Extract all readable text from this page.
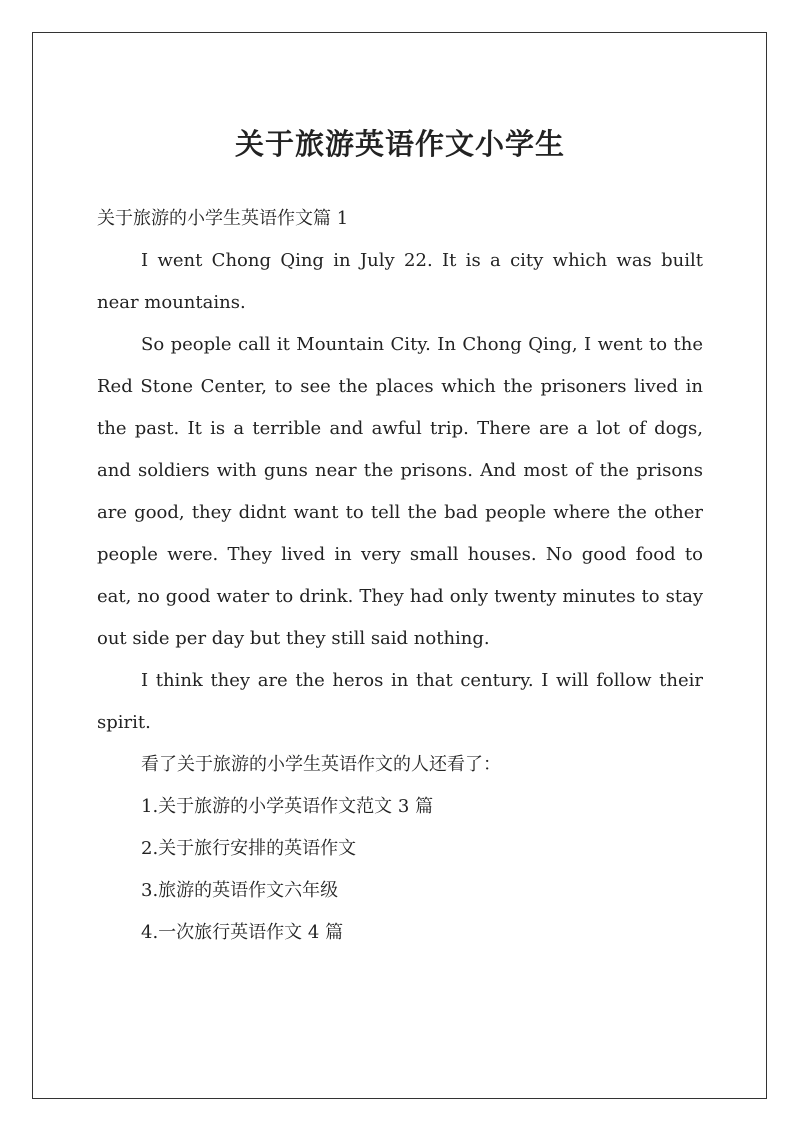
关于旅游英语作文小学生

关于旅游的小学生英语作文篇 1

I went Chong Qing in July 22. It is a city which was built near mountains.

So people call it Mountain City. In Chong Qing, I went to the Red Stone Center, to see the places which the prisoners lived in the past. It is a terrible and awful trip. There are a lot of dogs, and soldiers with guns near the prisons. And most of the prisons are good, they didnt want to tell the bad people where the other people were. They lived in very small houses. No good food to eat, no good water to drink. They had only twenty minutes to stay out side per day but they still said nothing.

I think they are the heros in that century. I will follow their spirit.

看了关于旅游的小学生英语作文的人还看了：

1.关于旅游的小学英语作文范文 3 篇

2.关于旅行安排的英语作文

3.旅游的英语作文六年级

4.一次旅行英语作文 4 篇
